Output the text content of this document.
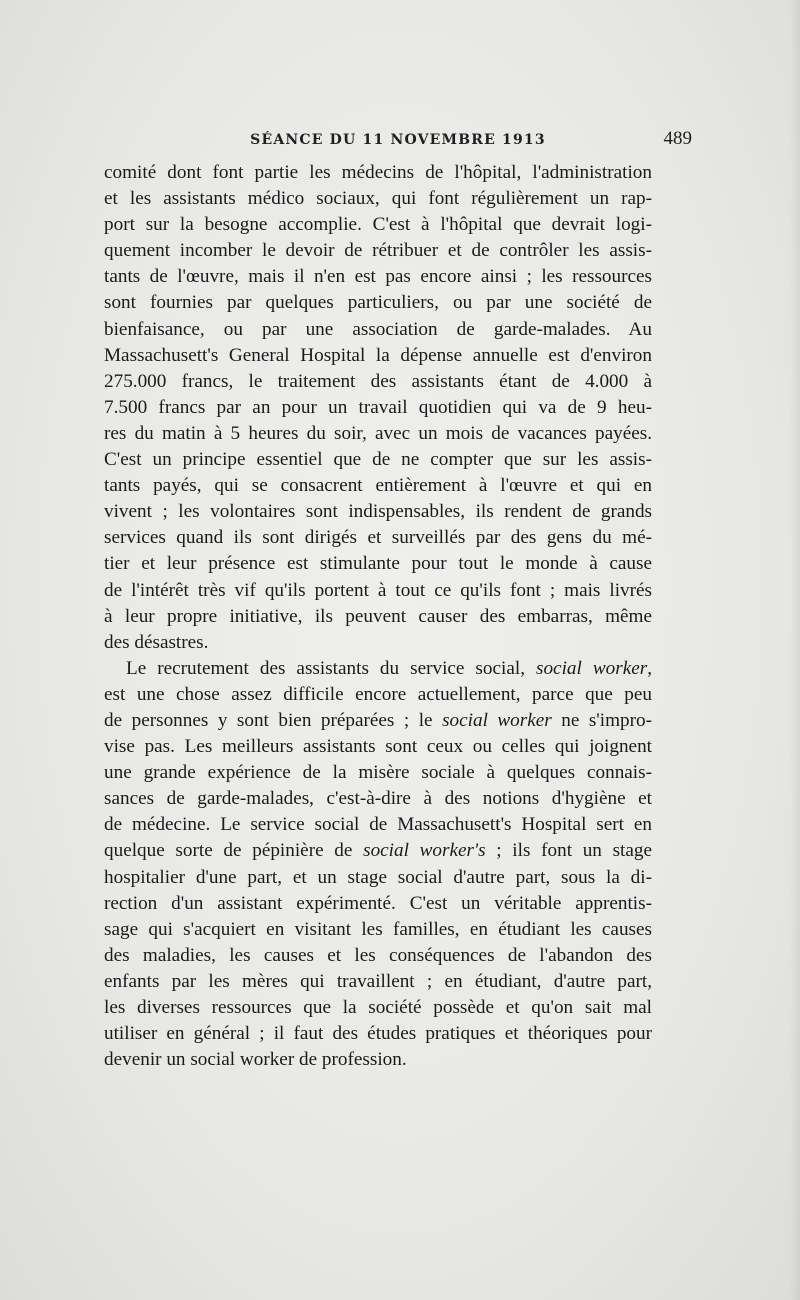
SÉANCE DU 11 NOVEMBRE 1913	489
comité dont font partie les médecins de l'hôpital, l'administration
et les assistants médico sociaux, qui font régulièrement un rap-
port sur la besogne accomplie. C'est à l'hôpital que devrait logi-
quement incomber le devoir de rétribuer et de contrôler les assis-
tants de l'œuvre, mais il n'en est pas encore ainsi ; les ressources
sont fournies par quelques particuliers, ou par une société de
bienfaisance, ou par une association de garde-malades. Au
Massachusett's General Hospital la dépense annuelle est d'environ
275.000 francs, le traitement des assistants étant de 4.000 à
7.500 francs par an pour un travail quotidien qui va de 9 heu-
res du matin à 5 heures du soir, avec un mois de vacances payées.
C'est un principe essentiel que de ne compter que sur les assis-
tants payés, qui se consacrent entièrement à l'œuvre et qui en
vivent ; les volontaires sont indispensables, ils rendent de grands
services quand ils sont dirigés et surveillés par des gens du mé-
tier et leur présence est stimulante pour tout le monde à cause
de l'intérêt très vif qu'ils portent à tout ce qu'ils font ; mais livrés
à leur propre initiative, ils peuvent causer des embarras, même
des désastres.
Le recrutement des assistants du service social, social worker,
est une chose assez difficile encore actuellement, parce que peu
de personnes y sont bien préparées ; le social worker ne s'impro-
vise pas. Les meilleurs assistants sont ceux ou celles qui joignent
une grande expérience de la misère sociale à quelques connais-
sances de garde-malades, c'est-à-dire à des notions d'hygiène et
de médecine. Le service social de Massachusett's Hospital sert en
quelque sorte de pépinière de social worker's ; ils font un stage
hospitalier d'une part, et un stage social d'autre part, sous la di-
rection d'un assistant expérimenté. C'est un véritable apprentis-
sage qui s'acquiert en visitant les familles, en étudiant les causes
des maladies, les causes et les conséquences de l'abandon des
enfants par les mères qui travaillent ; en étudiant, d'autre part,
les diverses ressources que la société possède et qu'on sait mal
utiliser en général ; il faut des études pratiques et théoriques pour
devenir un social worker de profession.
